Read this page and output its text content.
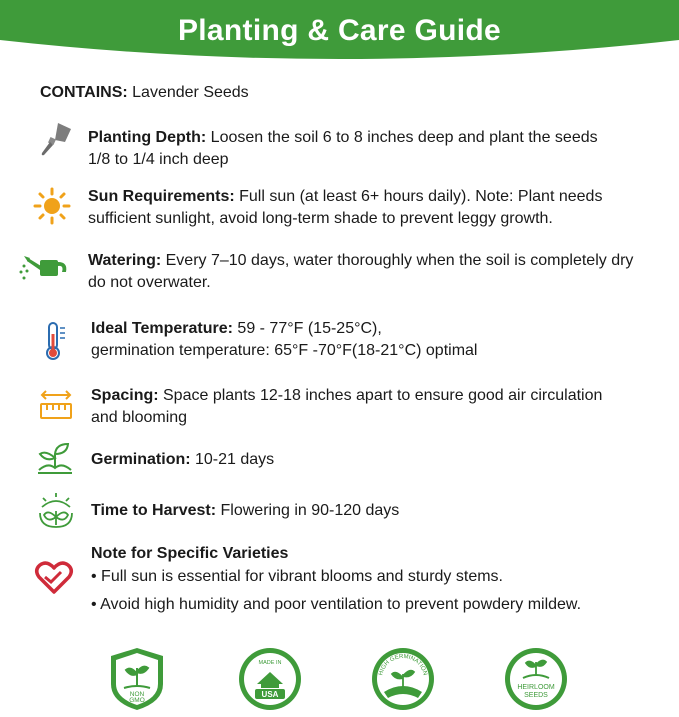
Planting & Care Guide
CONTAINS: Lavender Seeds
Planting Depth: Loosen the soil 6 to 8 inches deep and plant the seeds
1/8 to 1/4 inch deep
Sun Requirements: Full sun (at least 6+ hours daily). Note: Plant needs
sufficient sunlight, avoid long-term shade to prevent leggy growth.
Watering: Every 7–10 days, water thoroughly when the soil is completely dry
do not overwater.
Ideal Temperature: 59 - 77°F (15-25°C),
germination temperature: 65°F -70°F(18-21°C) optimal
Spacing: Space plants 12-18 inches apart to ensure good air circulation
and blooming
Germination: 10-21 days
Time to Harvest: Flowering in 90-120 days
Note for Specific Varieties
• Full sun is essential for vibrant blooms and sturdy stems.
• Avoid high humidity and poor ventilation to prevent powdery mildew.
NON
GMO
MADE IN
USA
HIGH GERMINATION
HEIRLOOM
SEEDS
